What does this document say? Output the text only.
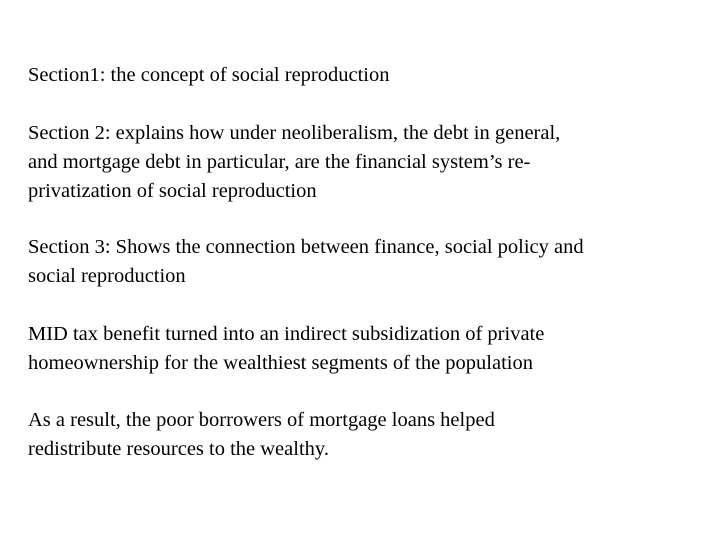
Section1: the concept of social reproduction

Section 2: explains how under neoliberalism, the debt in general,
and mortgage debt in particular, are the financial system’s re-
privatization of social reproduction

Section 3: Shows the connection between finance, social policy and
social reproduction

MID tax benefit turned into an indirect subsidization of private
homeownership for the wealthiest segments of the population

As a result, the poor borrowers of mortgage loans helped
redistribute resources to the wealthy.
